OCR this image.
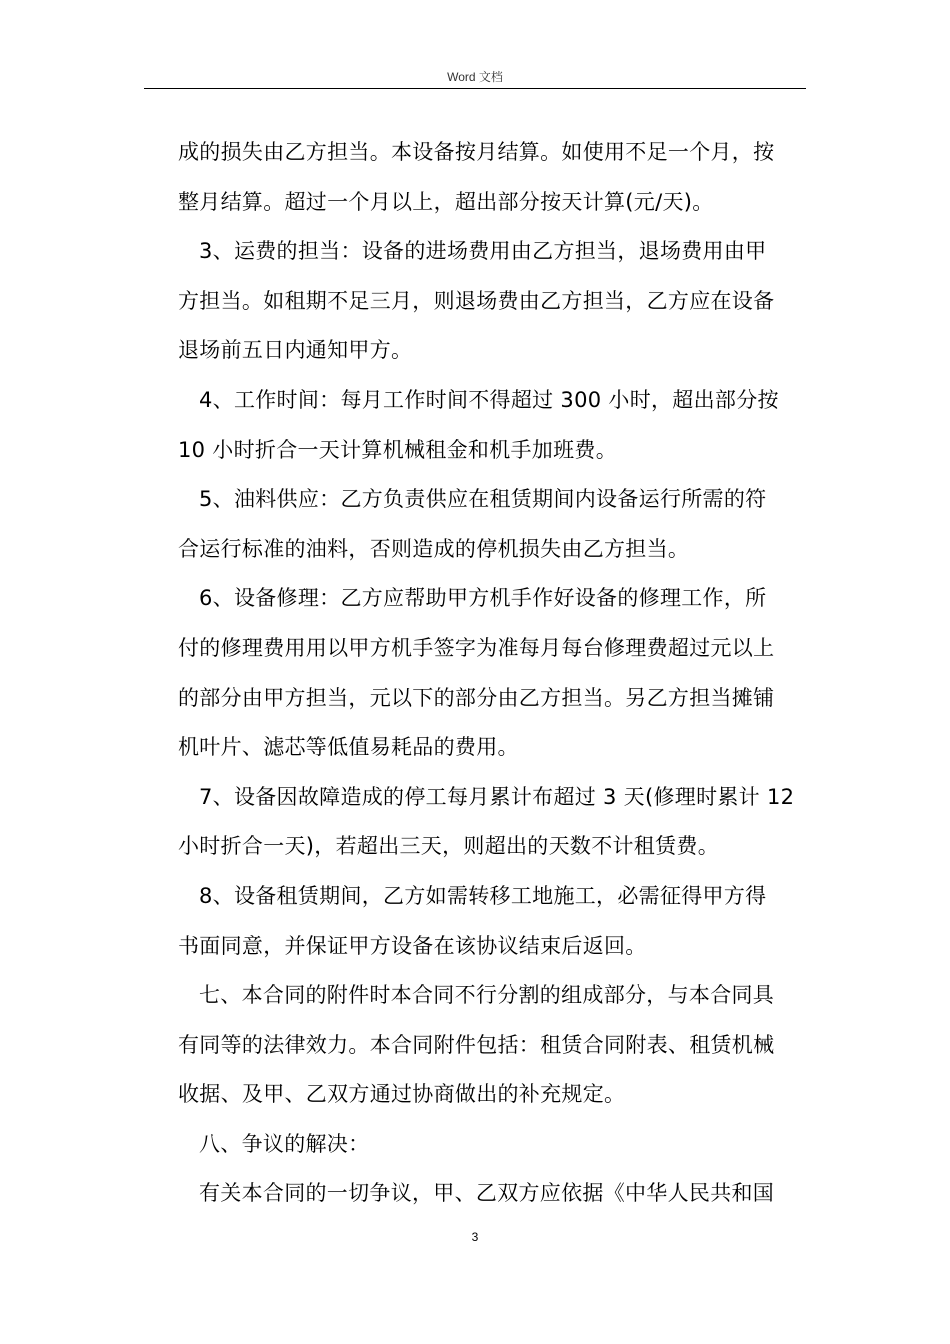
Word 文档
成的损失由乙方担当。本设备按月结算。如使用不足一个月，按
整月结算。超过一个月以上，超出部分按天计算(元/天)。
3、运费的担当：设备的进场费用由乙方担当，退场费用由甲
方担当。如租期不足三月，则退场费由乙方担当，乙方应在设备
退场前五日内通知甲方。
4、工作时间：每月工作时间不得超过 300 小时，超出部分按
10 小时折合一天计算机械租金和机手加班费。
5、油料供应：乙方负责供应在租赁期间内设备运行所需的符
合运行标准的油料，否则造成的停机损失由乙方担当。
6、设备修理：乙方应帮助甲方机手作好设备的修理工作，所
付的修理费用用以甲方机手签字为准每月每台修理费超过元以上
的部分由甲方担当，元以下的部分由乙方担当。另乙方担当摊铺
机叶片、滤芯等低值易耗品的费用。
7、设备因故障造成的停工每月累计布超过 3 天(修理时累计 12
小时折合一天)，若超出三天，则超出的天数不计租赁费。
8、设备租赁期间，乙方如需转移工地施工，必需征得甲方得
书面同意，并保证甲方设备在该协议结束后返回。
七、本合同的附件时本合同不行分割的组成部分，与本合同具
有同等的法律效力。本合同附件包括：租赁合同附表、租赁机械
收据、及甲、乙双方通过协商做出的补充规定。
八、争议的解决：
有关本合同的一切争议，甲、乙双方应依据《中华人民共和国
3
